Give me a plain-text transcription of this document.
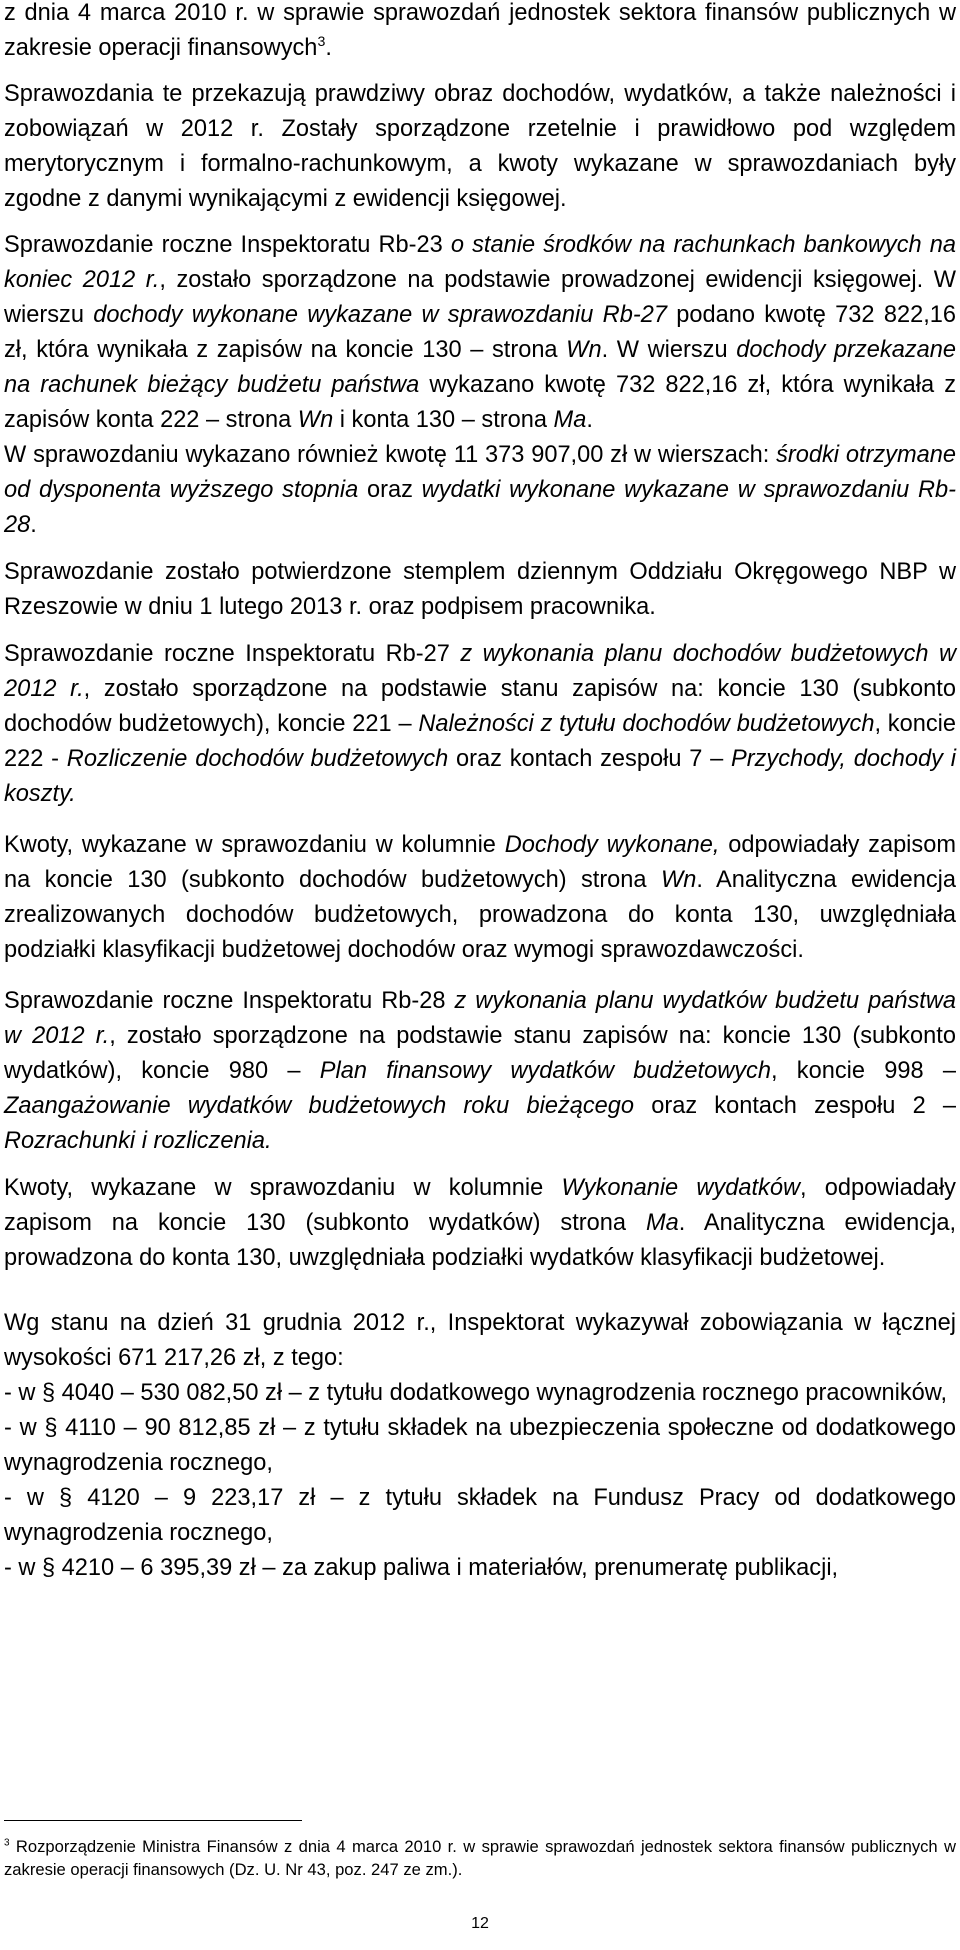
z dnia 4 marca 2010 r. w sprawie sprawozdań jednostek sektora finansów publicznych w zakresie operacji finansowych$^3$.

Sprawozdania te przekazują prawdziwy obraz dochodów, wydatków, a także należności i zobowiązań w 2012 r. Zostały sporządzone rzetelnie i prawidłowo pod względem merytorycznym i formalno-rachunkowym, a kwoty wykazane w sprawozdaniach były zgodne z danymi wynikającymi z ewidencji księgowej.

Sprawozdanie roczne Inspektoratu Rb-23 o stanie środków na rachunkach bankowych na koniec 2012 r., zostało sporządzone na podstawie prowadzonej ewidencji księgowej. W wierszu dochody wykonane wykazane w sprawozdaniu Rb-27 podano kwotę 732 822,16 zł, która wynikała z zapisów na koncie 130 – strona Wn. W wierszu dochody przekazane na rachunek bieżący budżetu państwa wykazano kwotę 732 822,16 zł, która wynikała z zapisów konta 222 – strona Wn i konta 130 – strona Ma.

W sprawozdaniu wykazano również kwotę 11 373 907,00 zł w wierszach: środki otrzymane od dysponenta wyższego stopnia oraz wydatki wykonane wykazane w sprawozdaniu Rb-28.

Sprawozdanie zostało potwierdzone stemplem dziennym Oddziału Okręgowego NBP w Rzeszowie w dniu 1 lutego 2013 r. oraz podpisem pracownika.

Sprawozdanie roczne Inspektoratu Rb-27 z wykonania planu dochodów budżetowych w 2012 r., zostało sporządzone na podstawie stanu zapisów na: koncie 130 (subkonto dochodów budżetowych), koncie 221 – Należności z tytułu dochodów budżetowych, koncie 222 - Rozliczenie dochodów budżetowych oraz kontach zespołu 7 – Przychody, dochody i koszty.

Kwoty, wykazane w sprawozdaniu w kolumnie Dochody wykonane, odpowiadały zapisom na koncie 130 (subkonto dochodów budżetowych) strona Wn. Analityczna ewidencja zrealizowanych dochodów budżetowych, prowadzona do konta 130, uwzględniała podziałki klasyfikacji budżetowej dochodów oraz wymogi sprawozdawczości.

Sprawozdanie roczne Inspektoratu Rb-28 z wykonania planu wydatków budżetu państwa w 2012 r., zostało sporządzone na podstawie stanu zapisów na: koncie 130 (subkonto wydatków), koncie 980 – Plan finansowy wydatków budżetowych, koncie 998 – Zaangażowanie wydatków budżetowych roku bieżącego oraz kontach zespołu 2 – Rozrachunki i rozliczenia.

Kwoty, wykazane w sprawozdaniu w kolumnie Wykonanie wydatków, odpowiadały zapisom na koncie 130 (subkonto wydatków) strona Ma. Analityczna ewidencja, prowadzona do konta 130, uwzględniała podziałki wydatków klasyfikacji budżetowej.

Wg stanu na dzień 31 grudnia 2012 r., Inspektorat wykazywał zobowiązania w łącznej wysokości 671 217,26 zł, z tego:

- w § 4040 – 530 082,50 zł – z tytułu dodatkowego wynagrodzenia rocznego pracowników,

- w § 4110 – 90 812,85 zł – z tytułu składek na ubezpieczenia społeczne od dodatkowego wynagrodzenia rocznego,

- w § 4120 – 9 223,17 zł – z tytułu składek na Fundusz Pracy od dodatkowego wynagrodzenia rocznego,

- w § 4210 – 6 395,39 zł – za zakup paliwa i materiałów, prenumeratę publikacji,

$^3$ Rozporządzenie Ministra Finansów z dnia 4 marca 2010 r. w sprawie sprawozdań jednostek sektora finansów publicznych w zakresie operacji finansowych (Dz. U. Nr 43, poz. 247 ze zm.).
12
